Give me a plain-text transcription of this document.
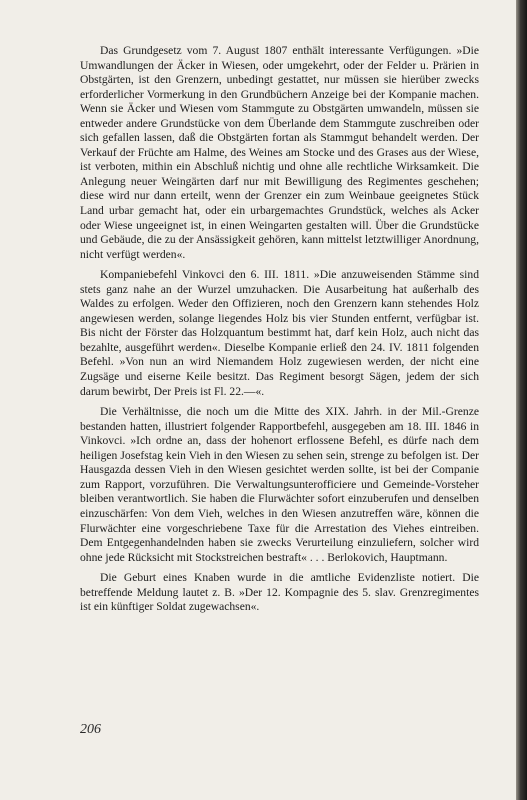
Das Grundgesetz vom 7. August 1807 enthält interessante Verfügungen. »Die Umwandlungen der Äcker in Wiesen, oder umgekehrt, oder der Felder u. Prärien in Obstgärten, ist den Grenzern, unbedingt gestattet, nur müssen sie hierüber zwecks erforderlicher Vormerkung in den Grundbüchern Anzeige bei der Kompanie machen. Wenn sie Äcker und Wiesen vom Stammgute zu Obstgärten umwandeln, müssen sie entweder andere Grundstücke von dem Überlande dem Stammgute zuschreiben oder sich gefallen lassen, daß die Obstgärten fortan als Stammgut behandelt werden. Der Verkauf der Früchte am Halme, des Weines am Stocke und des Grases aus der Wiese, ist verboten, mithin ein Abschluß nichtig und ohne alle rechtliche Wirksamkeit. Die Anlegung neuer Weingärten darf nur mit Bewilligung des Regimentes geschehen; diese wird nur dann erteilt, wenn der Grenzer ein zum Weinbaue geeignetes Stück Land urbar gemacht hat, oder ein urbargemachtes Grundstück, welches als Acker oder Wiese ungeeignet ist, in einen Weingarten gestalten will. Über die Grundstücke und Gebäude, die zu der Ansässigkeit gehören, kann mittelst letztwilliger Anordnung, nicht verfügt werden«.

Kompaniebefehl Vinkovci den 6. III. 1811. »Die anzuweisenden Stämme sind stets ganz nahe an der Wurzel umzuhacken. Die Ausarbeitung hat außerhalb des Waldes zu erfolgen. Weder den Offizieren, noch den Grenzern kann stehendes Holz angewiesen werden, solange liegendes Holz bis vier Stunden entfernt, verfügbar ist. Bis nicht der Förster das Holzquantum bestimmt hat, darf kein Holz, auch nicht das bezahlte, ausgeführt werden«. Dieselbe Kompanie erließ den 24. IV. 1811 folgenden Befehl. »Von nun an wird Niemandem Holz zugewiesen werden, der nicht eine Zugsäge und eiserne Keile besitzt. Das Regiment besorgt Sägen, jedem der sich darum bewirbt, Der Preis ist Fl. 22.—«.

Die Verhältnisse, die noch um die Mitte des XIX. Jahrh. in der Mil.-Grenze bestanden hatten, illustriert folgender Rapportbefehl, ausgegeben am 18. III. 1846 in Vinkovci. »Ich ordne an, dass der hohenort erflossene Befehl, es dürfe nach dem heiligen Josefstag kein Vieh in den Wiesen zu sehen sein, strenge zu befolgen ist. Der Hausgazda dessen Vieh in den Wiesen gesichtet werden sollte, ist bei der Companie zum Rapport, vorzuführen. Die Verwaltungsunterofficiere und Gemeinde-Vorsteher bleiben verantwortlich. Sie haben die Flurwächter sofort einzuberufen und denselben einzuschärfen: Von dem Vieh, welches in den Wiesen anzutreffen wäre, können die Flurwächter eine vorgeschriebene Taxe für die Arrestation des Viehes eintreiben. Dem Entgegenhandelnden haben sie zwecks Verurteilung einzuliefern, solcher wird ohne jede Rücksicht mit Stockstreichen bestraft« . . . Berlokovich, Hauptmann.

Die Geburt eines Knaben wurde in die amtliche Evidenzliste notiert. Die betreffende Meldung lautet z. B. »Der 12. Kompagnie des 5. slav. Grenzregimentes ist ein künftiger Soldat zugewachsen«.

206
